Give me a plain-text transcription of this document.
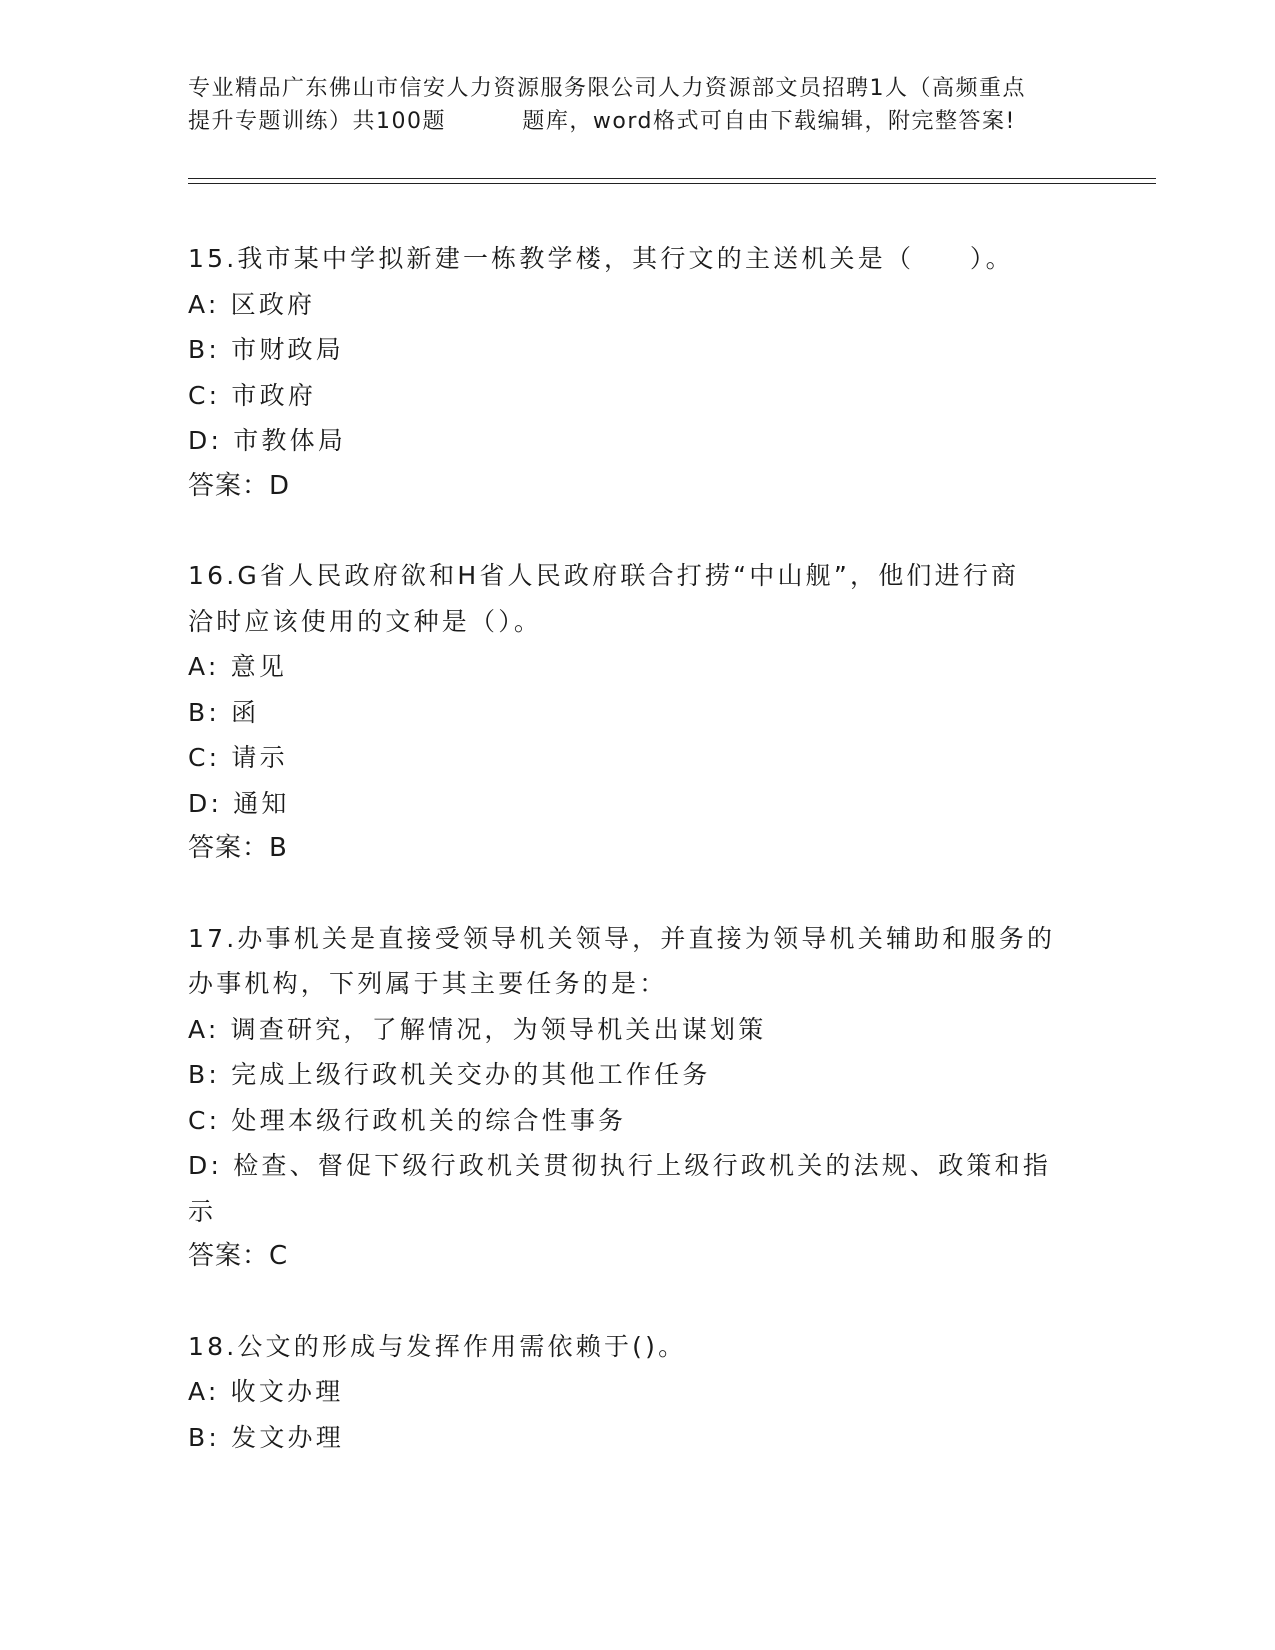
专业精品广东佛山市信安人力资源服务限公司人力资源部文员招聘1人（高频重点
提升专题训练）共100题         题库，word格式可自由下载编辑，附完整答案!
15.我市某中学拟新建一栋教学楼，其行文的主送机关是（     ）。
A: 区政府
B: 市财政局
C: 市政府
D: 市教体局
答案：D
16.G省人民政府欲和H省人民政府联合打捞“中山舰”，他们进行商
洽时应该使用的文种是（）。
A: 意见
B: 函
C: 请示
D: 通知
答案：B
17.办事机关是直接受领导机关领导，并直接为领导机关辅助和服务的
办事机构，下列属于其主要任务的是：
A: 调查研究，了解情况，为领导机关出谋划策
B: 完成上级行政机关交办的其他工作任务
C: 处理本级行政机关的综合性事务
D: 检查、督促下级行政机关贯彻执行上级行政机关的法规、政策和指
示
答案：C
18.公文的形成与发挥作用需依赖于()。
A: 收文办理
B: 发文办理
